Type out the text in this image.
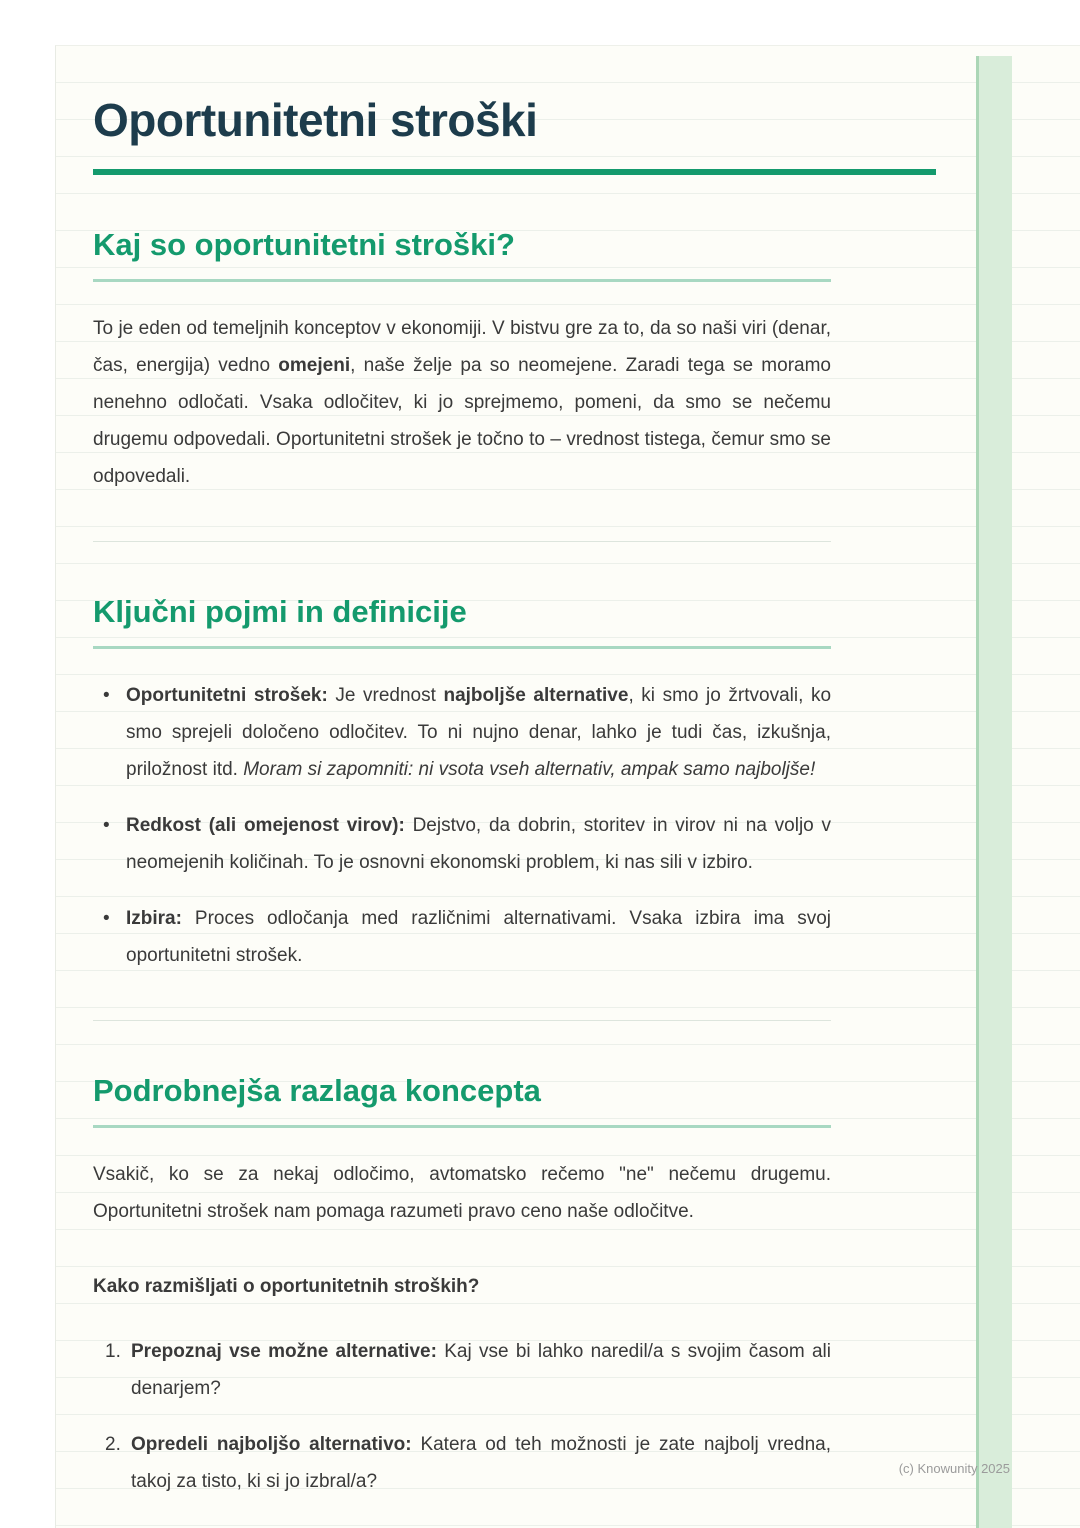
Oportunitetni stroški
Kaj so oportunitetni stroški?

To je eden od temeljnih konceptov v ekonomiji. V bistvu gre za to, da so naši viri (denar, čas, energija) vedno omejeni, naše želje pa so neomejene. Zaradi tega se moramo nenehno odločati. Vsaka odločitev, ki jo sprejmemo, pomeni, da smo se nečemu drugemu odpovedali. Oportunitetni strošek je točno to – vrednost tistega, čemur smo se odpovedali.

Ključni pojmi in definicije
• Oportunitetni strošek: Je vrednost najboljše alternative, ki smo jo žrtvovali, ko smo sprejeli določeno odločitev. To ni nujno denar, lahko je tudi čas, izkušnja, priložnost itd. Moram si zapomniti: ni vsota vseh alternativ, ampak samo najboljše!
• Redkost (ali omejenost virov): Dejstvo, da dobrin, storitev in virov ni na voljo v neomejenih količinah. To je osnovni ekonomski problem, ki nas sili v izbiro.
• Izbira: Proces odločanja med različnimi alternativami. Vsaka izbira ima svoj oportunitetni strošek.
Podrobnejša razlaga koncepta

Vsakič, ko se za nekaj odločimo, avtomatsko rečemo "ne" nečemu drugemu. Oportunitetni strošek nam pomaga razumeti pravo ceno naše odločitve.

Kako razmišljati o oportunitetnih stroških?

1. Prepoznaj vse možne alternative: Kaj vse bi lahko naredil/a s svojim časom ali denarjem?
2. Opredeli najboljšo alternativo: Katera od teh možnosti je zate najbolj vredna, takoj za tisto, ki si jo izbral/a?
(c) Knowunity 2025
